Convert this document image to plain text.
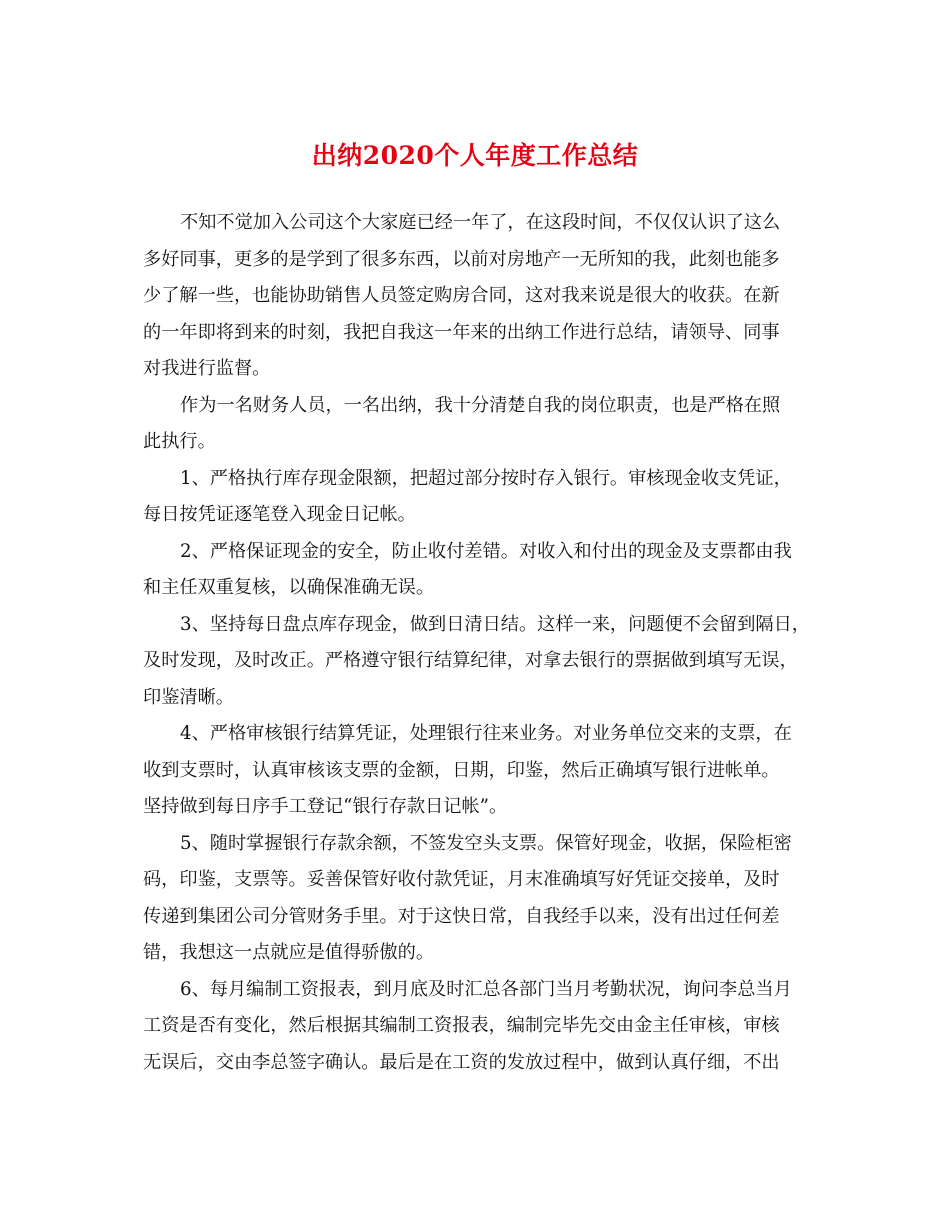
出纳2020个人年度工作总结
不知不觉加入公司这个大家庭已经一年了，在这段时间，不仅仅认识了这么
多好同事，更多的是学到了很多东西，以前对房地产一无所知的我，此刻也能多
少了解一些，也能协助销售人员签定购房合同，这对我来说是很大的收获。在新
的一年即将到来的时刻，我把自我这一年来的出纳工作进行总结，请领导、同事
对我进行监督。
作为一名财务人员，一名出纳，我十分清楚自我的岗位职责，也是严格在照
此执行。
1、严格执行库存现金限额，把超过部分按时存入银行。审核现金收支凭证，
每日按凭证逐笔登入现金日记帐。
2、严格保证现金的安全，防止收付差错。对收入和付出的现金及支票都由我
和主任双重复核，以确保准确无误。
3、坚持每日盘点库存现金，做到日清日结。这样一来，问题便不会留到隔日，
及时发现，及时改正。严格遵守银行结算纪律，对拿去银行的票据做到填写无误，
印鉴清晰。
4、严格审核银行结算凭证，处理银行往来业务。对业务单位交来的支票，在
收到支票时，认真审核该支票的金额，日期，印鉴，然后正确填写银行进帐单。
坚持做到每日序手工登记“银行存款日记帐”。
5、随时掌握银行存款余额，不签发空头支票。保管好现金，收据，保险柜密
码，印鉴，支票等。妥善保管好收付款凭证，月末准确填写好凭证交接单，及时
传递到集团公司分管财务手里。对于这快日常，自我经手以来，没有出过任何差
错，我想这一点就应是值得骄傲的。
6、每月编制工资报表，到月底及时汇总各部门当月考勤状况，询问李总当月
工资是否有变化，然后根据其编制工资报表，编制完毕先交由金主任审核，审核
无误后，交由李总签字确认。最后是在工资的发放过程中，做到认真仔细，不出
